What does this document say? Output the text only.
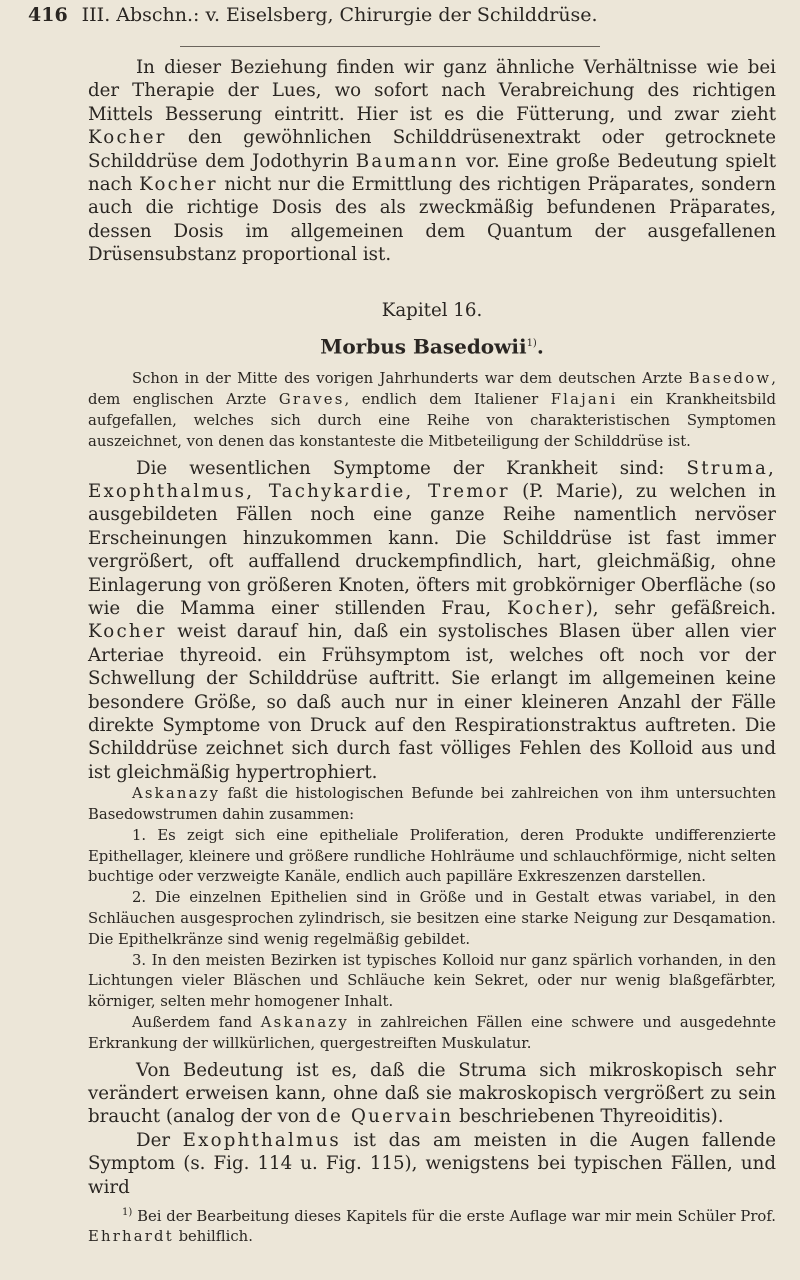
416 III. Abschn.: v. Eiselsberg, Chirurgie der Schilddrüse.

In dieser Beziehung finden wir ganz ähnliche Verhältnisse wie bei der Therapie der Lues, wo sofort nach Verabreichung des richtigen Mittels Besserung eintritt. Hier ist es die Fütterung, und zwar zieht Kocher den gewöhnlichen Schilddrüsenextrakt oder getrocknete Schilddrüse dem Jodothyrin Baumann vor. Eine große Bedeutung spielt nach Kocher nicht nur die Ermittlung des richtigen Präparates, sondern auch die richtige Dosis des als zweckmäßig befundenen Präparates, dessen Dosis im allgemeinen dem Quantum der ausgefallenen Drüsensubstanz proportional ist.

Kapitel 16.
Morbus Basedowii$^{1)}$.

Schon in der Mitte des vorigen Jahrhunderts war dem deutschen Arzte Basedow, dem englischen Arzte Graves, endlich dem Italiener Flajani ein Krankheitsbild aufgefallen, welches sich durch eine Reihe von charakteristischen Symptomen auszeichnet, von denen das konstanteste die Mitbeteiligung der Schilddrüse ist.

Die wesentlichen Symptome der Krankheit sind: Struma, Exophthalmus, Tachykardie, Tremor (P. Marie), zu welchen in ausgebildeten Fällen noch eine ganze Reihe namentlich nervöser Erscheinungen hinzukommen kann. Die Schilddrüse ist fast immer vergrößert, oft auffallend druckempfindlich, hart, gleichmäßig, ohne Einlagerung von größeren Knoten, öfters mit grobkörniger Oberfläche (so wie die Mamma einer stillenden Frau, Kocher), sehr gefäßreich. Kocher weist darauf hin, daß ein systolisches Blasen über allen vier Arteriae thyreoid. ein Frühsymptom ist, welches oft noch vor der Schwellung der Schilddrüse auftritt. Sie erlangt im allgemeinen keine besondere Größe, so daß auch nur in einer kleineren Anzahl der Fälle direkte Symptome von Druck auf den Respirationstraktus auftreten. Die Schilddrüse zeichnet sich durch fast völliges Fehlen des Kolloid aus und ist gleichmäßig hypertrophiert.

Askanazy faßt die histologischen Befunde bei zahlreichen von ihm untersuchten Basedowstrumen dahin zusammen:

1. Es zeigt sich eine epitheliale Proliferation, deren Produkte undifferenzierte Epithellager, kleinere und größere rundliche Hohlräume und schlauchförmige, nicht selten buchtige oder verzweigte Kanäle, endlich auch papilläre Exkreszenzen darstellen.

2. Die einzelnen Epithelien sind in Größe und in Gestalt etwas variabel, in den Schläuchen ausgesprochen zylindrisch, sie besitzen eine starke Neigung zur Desqamation. Die Epithelkränze sind wenig regelmäßig gebildet.

3. In den meisten Bezirken ist typisches Kolloid nur ganz spärlich vorhanden, in den Lichtungen vieler Bläschen und Schläuche kein Sekret, oder nur wenig blaßgefärbter, körniger, selten mehr homogener Inhalt.

Außerdem fand Askanazy in zahlreichen Fällen eine schwere und ausgedehnte Erkrankung der willkürlichen, quergestreiften Muskulatur.

Von Bedeutung ist es, daß die Struma sich mikroskopisch sehr verändert erweisen kann, ohne daß sie makroskopisch vergrößert zu sein braucht (analog der von de Quervain beschriebenen Thyreoiditis).

Der Exophthalmus ist das am meisten in die Augen fallende Symptom (s. Fig. 114 u. Fig. 115), wenigstens bei typischen Fällen, und wird

$^{1)}$ Bei der Bearbeitung dieses Kapitels für die erste Auflage war mir mein Schüler Prof. Ehrhardt behilflich.
